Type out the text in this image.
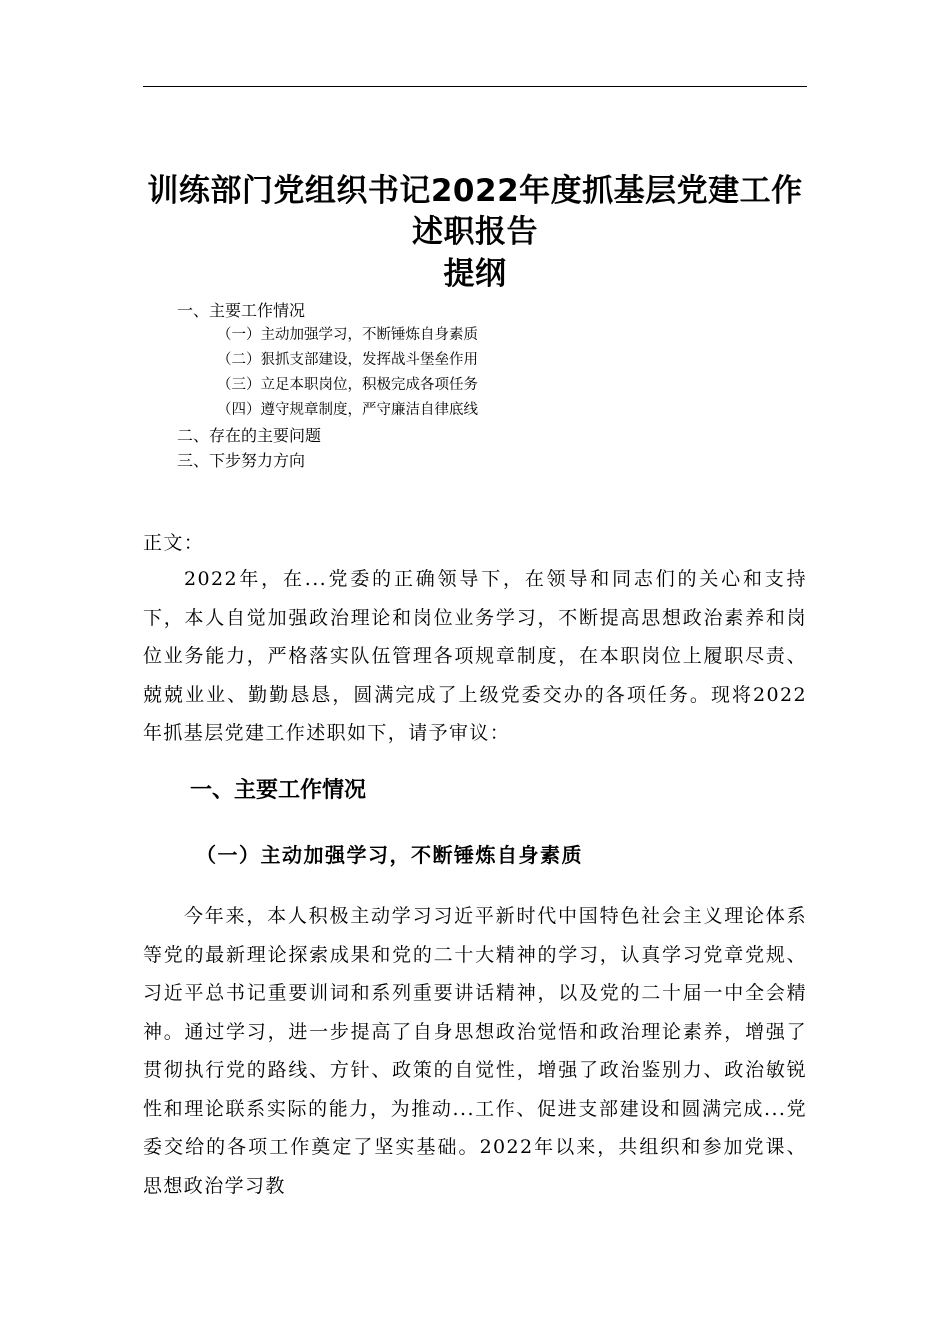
训练部门党组织书记2022年度抓基层党建工作
述职报告
提纲
一、主要工作情况
（一）主动加强学习，不断锤炼自身素质
（二）狠抓支部建设，发挥战斗堡垒作用
（三）立足本职岗位，积极完成各项任务
（四）遵守规章制度，严守廉洁自律底线
二、存在的主要问题
三、下步努力方向
正文：

2022年，在...党委的正确领导下，在领导和同志们的关心和支持下，本人自觉加强政治理论和岗位业务学习，不断提高思想政治素养和岗位业务能力，严格落实队伍管理各项规章制度，在本职岗位上履职尽责、兢兢业业、勤勤恳恳，圆满完成了上级党委交办的各项任务。现将2022年抓基层党建工作述职如下，请予审议：

一、主要工作情况
（一）主动加强学习，不断锤炼自身素质

今年来，本人积极主动学习习近平新时代中国特色社会主义理论体系等党的最新理论探索成果和党的二十大精神的学习，认真学习党章党规、习近平总书记重要训词和系列重要讲话精神，以及党的二十届一中全会精神。通过学习，进一步提高了自身思想政治觉悟和政治理论素养，增强了贯彻执行党的路线、方针、政策的自觉性，增强了政治鉴别力、政治敏锐性和理论联系实际的能力，为推动...工作、促进支部建设和圆满完成...党委交给的各项工作奠定了坚实基础。2022年以来，共组织和参加党课、思想政治学习教
